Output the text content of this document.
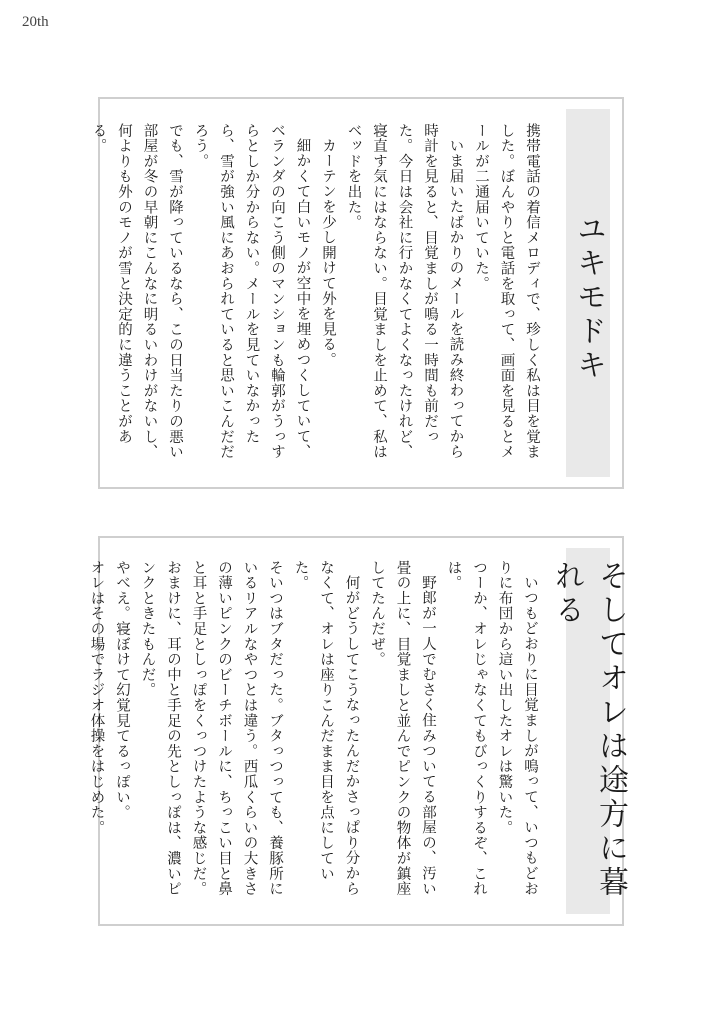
20th
ユキモドキ

携帯電話の着信メロディで、珍しく私は目を覚ました。ぼんやりと電話を取って、画面を見るとメールが二通届いていた。

いま届いたばかりのメールを読み終わってから時計を見ると、目覚ましが鳴る一時間も前だった。今日は会社に行かなくてよくなったけれど、寝直す気にはならない。目覚ましを止めて、私はベッドを出た。

カーテンを少し開けて外を見る。

細かくて白いモノが空中を埋めつくしていて、ベランダの向こう側のマンションも輪郭がうっすらとしか分からない。メールを見ていなかったら、雪が強い風にあおられていると思いこんだだろう。

でも、雪が降っているなら、この日当たりの悪い部屋が冬の早朝にこんなに明るいわけがないし、何よりも外のモノが雪と決定的に違うことがある。

そしてオレは途方に暮れる

いつもどおりに目覚ましが鳴って、いつもどおりに布団から這い出したオレは驚いた。

つーか、オレじゃなくてもびっくりするぞ、これは。

野郎が一人でむさく住みついてる部屋の、汚い畳の上に、目覚ましと並んでピンクの物体が鎮座してたんだぜ。

何がどうしてこうなったんだかさっぱり分からなくて、オレは座りこんだまま目を点にしていた。

そいつはブタだった。ブタっつっても、養豚所にいるリアルなやつとは違う。西瓜くらいの大きさの薄いピンクのビーチボールに、ちっこい目と鼻と耳と手足としっぽをくっつけたような感じだ。おまけに、耳の中と手足の先としっぽは、濃いピンクときたもんだ。

やべえ。寝ぼけて幻覚見てるっぽい。

オレはその場でラジオ体操をはじめた。
